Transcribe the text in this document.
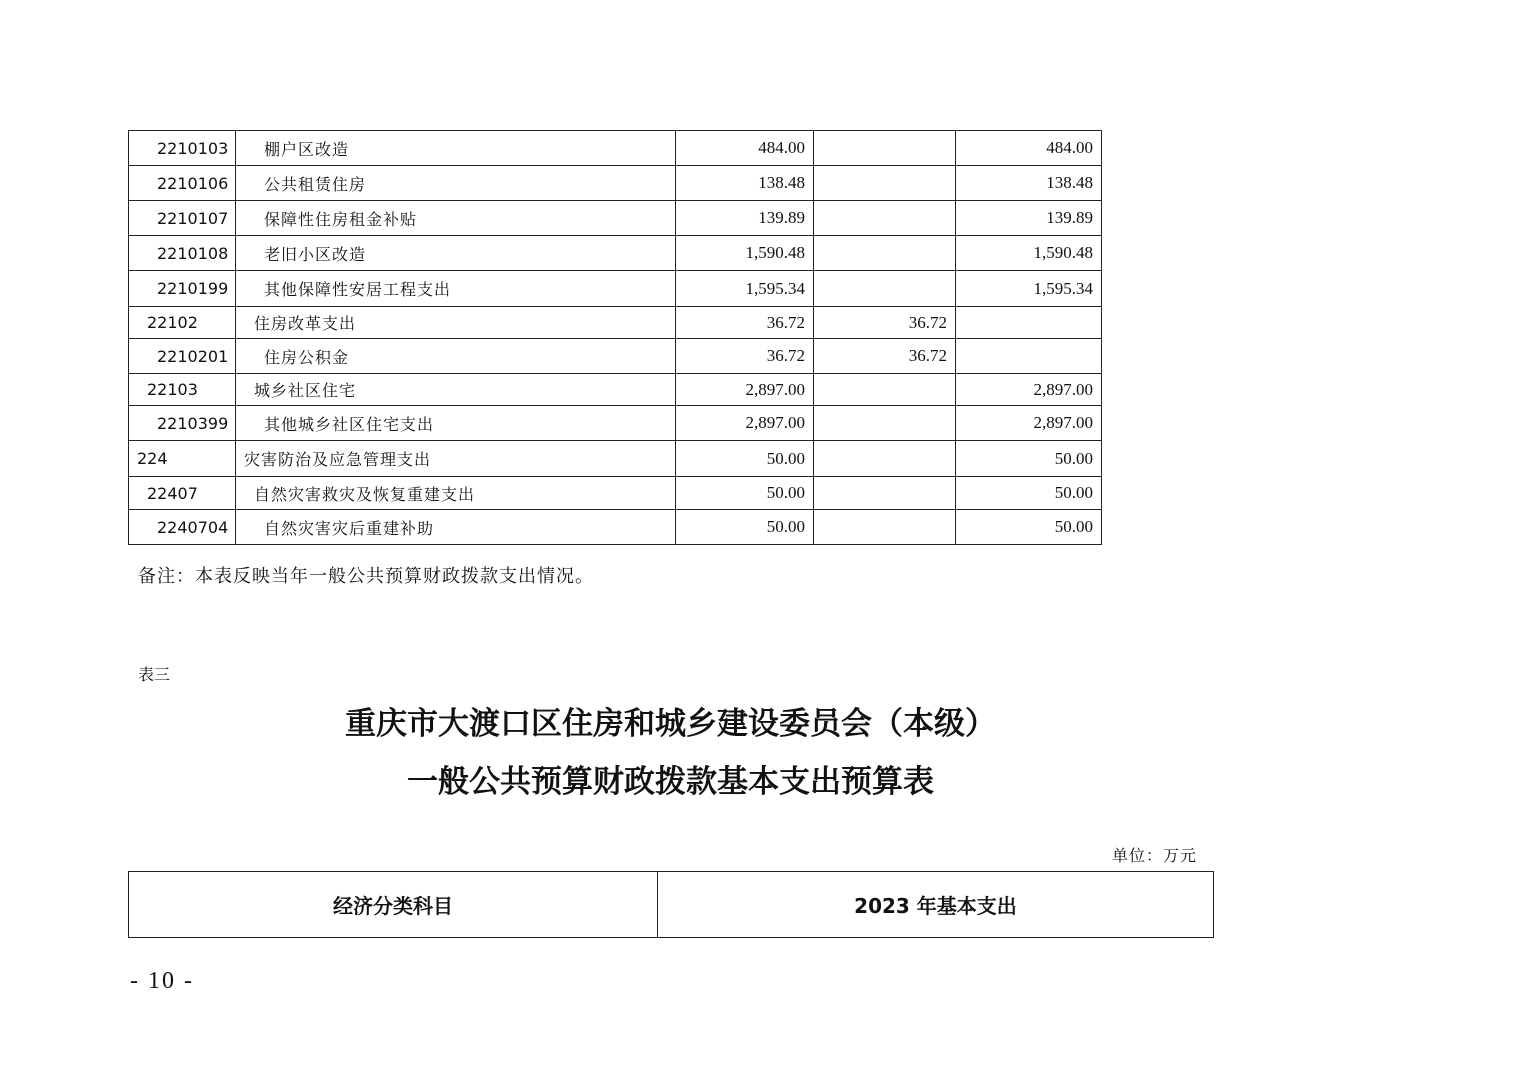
2210103	棚户区改造	484.00		484.00
2210106	公共租赁住房	138.48		138.48
2210107	保障性住房租金补贴	139.89		139.89
2210108	老旧小区改造	1,590.48		1,590.48
2210199	其他保障性安居工程支出	1,595.34		1,595.34
22102	住房改革支出	36.72	36.72	
2210201	住房公积金	36.72	36.72	
22103	城乡社区住宅	2,897.00		2,897.00
2210399	其他城乡社区住宅支出	2,897.00		2,897.00
224	灾害防治及应急管理支出	50.00		50.00
22407	自然灾害救灾及恢复重建支出	50.00		50.00
2240704	自然灾害灾后重建补助	50.00		50.00
备注：本表反映当年一般公共预算财政拨款支出情况。
表三
重庆市大渡口区住房和城乡建设委员会（本级）
一般公共预算财政拨款基本支出预算表
单位：万元
经济分类科目	2023 年基本支出
- 10 -
